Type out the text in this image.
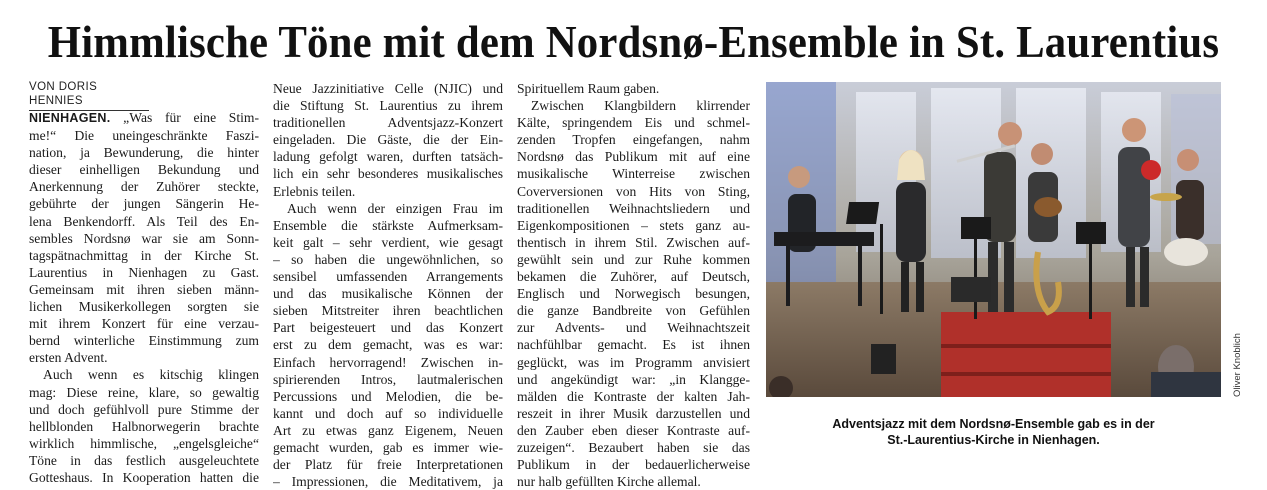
Himmlische Töne mit dem Nordsnø-Ensemble in St. Laurentius
VON DORIS HENNIES
NIENHAGEN. „Was für eine Stim-
me!“ Die uneingeschränkte Faszi-
nation, ja Bewunderung, die hinter
dieser einhelligen Bekundung und
Anerkennung der Zuhörer steckte,
gebührte der jungen Sängerin He-
lena Benkendorff. Als Teil des En-
sembles Nordsnø war sie am Sonn-
tagspätnachmittag in der Kirche St.
Laurentius in Nienhagen zu Gast.
Gemeinsam mit ihren sieben männ-
lichen Musikerkollegen sorgten sie
mit ihrem Konzert für eine verzau-
bernd winterliche Einstimmung zum
ersten Advent.
Auch wenn es kitschig klingen
mag: Diese reine, klare, so gewaltig
und doch gefühlvoll pure Stimme der
hellblonden Halbnorwegerin brachte
wirklich himmlische, „engelsgleiche“
Töne in das festlich ausgeleuchtete
Gotteshaus. In Kooperation hatten die
Neue Jazzinitiative Celle (NJIC) und
die Stiftung St. Laurentius zu ihrem
traditionellen Adventsjazz-Konzert
eingeladen. Die Gäste, die der Ein-
ladung gefolgt waren, durften tatsäch-
lich ein sehr besonderes musikalisches
Erlebnis teilen.
Auch wenn der einzigen Frau im
Ensemble die stärkste Aufmerksam-
keit galt – sehr verdient, wie gesagt
– so haben die ungewöhnlichen, so
sensibel umfassenden Arrangements
und das musikalische Können der
sieben Mitstreiter ihren beachtlichen
Part beigesteuert und das Konzert
erst zu dem gemacht, was es war:
Einfach hervorragend! Zwischen in-
spirierenden Intros, lautmalerischen
Percussions und Melodien, die be-
kannt und doch auf so individuelle
Art zu etwas ganz Eigenem, Neuen
gemacht wurden, gab es immer wie-
der Platz für freie Interpretationen
– Impressionen, die Meditativem, ja
Spirituellem Raum gaben.
Zwischen Klangbildern klirrender
Kälte, springendem Eis und schmel-
zenden Tropfen eingefangen, nahm
Nordsnø das Publikum mit auf eine
musikalische Winterreise zwischen
Coverversionen von Hits von Sting,
traditionellen Weihnachtsliedern und
Eigenkompositionen – stets ganz au-
thentisch in ihrem Stil. Zwischen auf-
gewühlt sein und zur Ruhe kommen
bekamen die Zuhörer, auf Deutsch,
Englisch und Norwegisch besungen,
die ganze Bandbreite von Gefühlen
zur Advents- und Weihnachtszeit
nachfühlbar gemacht. Es ist ihnen
geglückt, was im Programm anvisiert
und angekündigt war: „in Klangge-
mälden die Kontraste der kalten Jah-
reszeit in ihrer Musik darzustellen und
den Zauber eben dieser Kontraste auf-
zuzeigen“. Bezaubert haben sie das
Publikum in der bedauerlicherweise
nur halb gefüllten Kirche allemal.
Oliver Knoblich
Adventsjazz mit dem Nordsnø-Ensemble gab es in der
St.-Laurentius-Kirche in Nienhagen.
